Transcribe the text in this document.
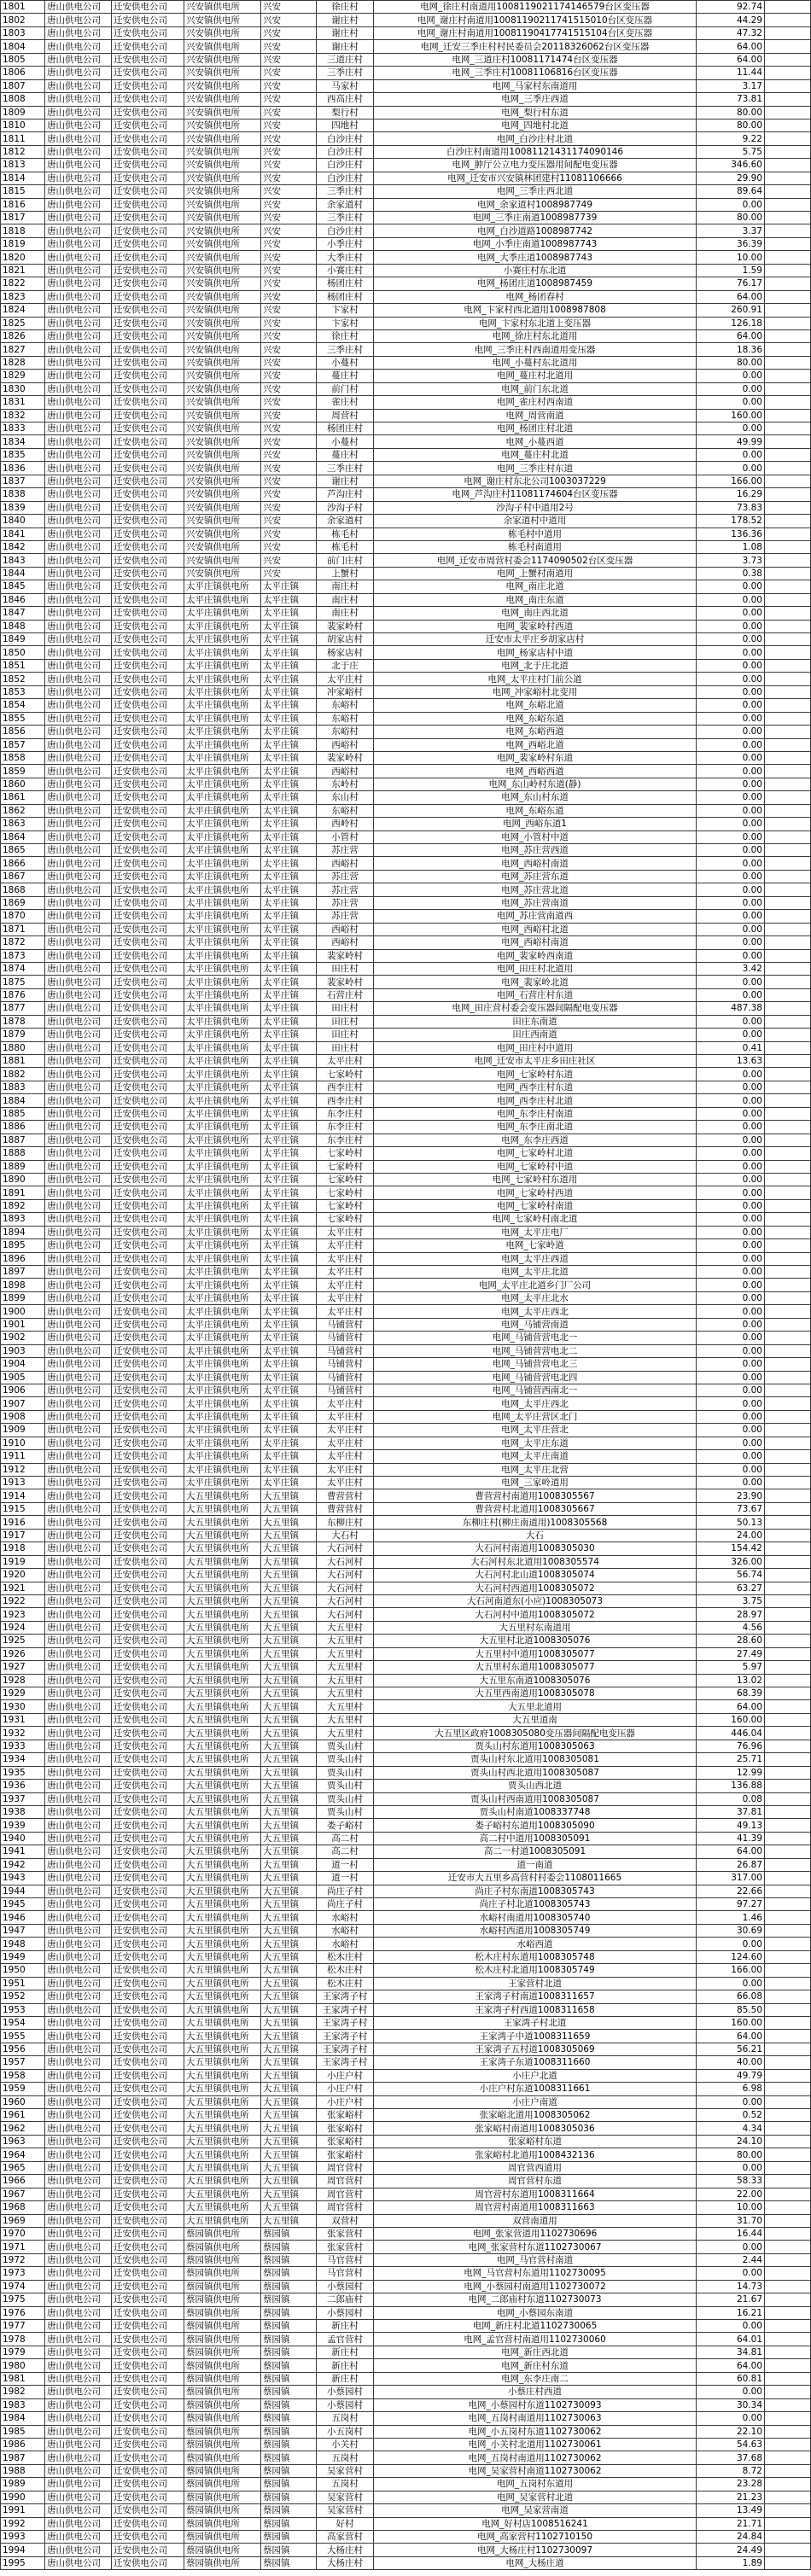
1801	唐山供电公司	迁安供电公司	兴安镇供电所	兴安	徐庄村	电网_徐庄村南道用1008119021174146579台区变压器	92.74	
1802	唐山供电公司	迁安供电公司	兴安镇供电所	兴安	谢庄村	电网_谢庄村南道用10081190211741515010台区变压器	44.29	
1803	唐山供电公司	迁安供电公司	兴安镇供电所	兴安	谢庄村	电网_谢庄村南道用10081190417741515104台区变压器	47.32	
1804	唐山供电公司	迁安供电公司	兴安镇供电所	兴安	谢庄村	电网_迁安三季庄村村民委员会20118326062台区变压器	64.00	
1805	唐山供电公司	迁安供电公司	兴安镇供电所	兴安	三道庄村	电网_三道庄村10081171474台区变压器	64.00	
1806	唐山供电公司	迁安供电公司	兴安镇供电所	兴安	三季庄村	电网_三季庄村10081106816台区变压器	11.44	
1807	唐山供电公司	迁安供电公司	兴安镇供电所	兴安	马家村	电网_马家村东南道用	3.17	
1808	唐山供电公司	迁安供电公司	兴安镇供电所	兴安	西高庄村	电网_三季庄西道	73.81	
1809	唐山供电公司	迁安供电公司	兴安镇供电所	兴安	梨行村	电网_梨行村东道	80.00	
1810	唐山供电公司	迁安供电公司	兴安镇供电所	兴安	四地村	电网_四地村北道	80.00	
1811	唐山供电公司	迁安供电公司	兴安镇供电所	兴安	白沙庄村	电网_白沙庄村北道	9.22	
1812	唐山供电公司	迁安供电公司	兴安镇供电所	兴安	白沙庄村	白沙庄村南道用10081121431174090146	5.75	
1813	唐山供电公司	迁安供电公司	兴安镇供电所	兴安	白沙庄村	电网_肿厅公立电力变压器用间配电变压器	346.60	
1814	唐山供电公司	迁安供电公司	兴安镇供电所	兴安	白沙庄村	电网_迁安市兴安镇林团建村11081106666	29.90	
1815	唐山供电公司	迁安供电公司	兴安镇供电所	兴安	三季庄村	电网_三季庄西北道	89.64	
1816	唐山供电公司	迁安供电公司	兴安镇供电所	兴安	余家道村	电网_余家道村1008987749	0.00	
1817	唐山供电公司	迁安供电公司	兴安镇供电所	兴安	三季庄村	电网_三季庄南道1008987739	80.00	
1818	唐山供电公司	迁安供电公司	兴安镇供电所	兴安	白沙庄村	电网_白沙道路1008987742	3.37	
1819	唐山供电公司	迁安供电公司	兴安镇供电所	兴安	小季庄村	电网_小季庄南道1008987743	36.39	
1820	唐山供电公司	迁安供电公司	兴安镇供电所	兴安	大季庄村	电网_大季庄道1008987743	10.00	
1821	唐山供电公司	迁安供电公司	兴安镇供电所	兴安	小赛庄村	小赛庄村东北道	1.59	
1822	唐山供电公司	迁安供电公司	兴安镇供电所	兴安	杨团庄村	电网_杨团庄道1008987459	76.17	
1823	唐山供电公司	迁安供电公司	兴安镇供电所	兴安	杨团庄村	电网_杨团春村	64.00	
1824	唐山供电公司	迁安供电公司	兴安镇供电所	兴安	卞家村	电网_卞家村西北道用1008987808	260.91	
1825	唐山供电公司	迁安供电公司	兴安镇供电所	兴安	卞家村	电网_卞家村东北道上变压器	126.18	
1826	唐山供电公司	迁安供电公司	兴安镇供电所	兴安	徐庄村	电网_徐庄村东北道用	64.00	
1827	唐山供电公司	迁安供电公司	兴安镇供电所	兴安	三季庄村	电网_三季庄村西南道用变压器	18.36	
1828	唐山供电公司	迁安供电公司	兴安镇供电所	兴安	小蔓村	电网_小蔓村东北道用	80.00	
1829	唐山供电公司	迁安供电公司	兴安镇供电所	兴安	蔓庄村	电网_蔓庄村北道用	0.00	
1830	唐山供电公司	迁安供电公司	兴安镇供电所	兴安	前门村	电网_前门东北道	0.00	
1831	唐山供电公司	迁安供电公司	兴安镇供电所	兴安	雀庄村	电网_雀庄村西南道	0.00	
1832	唐山供电公司	迁安供电公司	兴安镇供电所	兴安	周营村	电网_周营南道	160.00	
1833	唐山供电公司	迁安供电公司	兴安镇供电所	兴安	杨团庄村	电网_杨团庄村北道	0.00	
1834	唐山供电公司	迁安供电公司	兴安镇供电所	兴安	小蔓村	电网_小蔓西道	49.99	
1835	唐山供电公司	迁安供电公司	兴安镇供电所	兴安	蔓庄村	电网_蔓庄村北道	0.00	
1836	唐山供电公司	迁安供电公司	兴安镇供电所	兴安	三季庄村	电网_三季庄村东道	0.00	
1837	唐山供电公司	迁安供电公司	兴安镇供电所	兴安	谢庄村	电网_谢庄村东北公司1003037229	166.00	
1838	唐山供电公司	迁安供电公司	兴安镇供电所	兴安	芦沟庄村	电网_芦沟庄村11081174604台区变压器	16.29	
1839	唐山供电公司	迁安供电公司	兴安镇供电所	兴安	沙沟子村	沙沟子村中道用2号	73.83	
1840	唐山供电公司	迁安供电公司	兴安镇供电所	兴安	余家道村	余家道村中道用	178.52	
1841	唐山供电公司	迁安供电公司	兴安镇供电所	兴安	栋毛村	栋毛村中道用	136.36	
1842	唐山供电公司	迁安供电公司	兴安镇供电所	兴安	栋毛村	栋毛村南道用	1.08	
1843	唐山供电公司	迁安供电公司	兴安镇供电所	兴安	前门庄村	电网_迁安市周营村委会1174090502台区变压器	3.73	
1844	唐山供电公司	迁安供电公司	兴安镇供电所	兴安	上蟹村	电网_上蟹村南道用	0.38	
1845	唐山供电公司	迁安供电公司	太平庄镇供电所	太平庄镇	南庄村	电网_南庄北道	0.00	
1846	唐山供电公司	迁安供电公司	太平庄镇供电所	太平庄镇	南庄村	电网_南庄东道	0.00	
1847	唐山供电公司	迁安供电公司	太平庄镇供电所	太平庄镇	南庄村	电网_南庄西北道	0.00	
1848	唐山供电公司	迁安供电公司	太平庄镇供电所	太平庄镇	裴家岭村	电网_裴家岭村西道	0.00	
1849	唐山供电公司	迁安供电公司	太平庄镇供电所	太平庄镇	胡家店村	迁安市太平庄乡胡家店村	0.00	
1850	唐山供电公司	迁安供电公司	太平庄镇供电所	太平庄镇	杨家店村	电网_杨家店村中道	0.00	
1851	唐山供电公司	迁安供电公司	太平庄镇供电所	太平庄镇	北于庄	电网_北于庄北道	0.00	
1852	唐山供电公司	迁安供电公司	太平庄镇供电所	太平庄镇	太平庄村	电网_太平庄村门前公道	0.00	
1853	唐山供电公司	迁安供电公司	太平庄镇供电所	太平庄镇	冲家峪村	电网_冲家峪村北变用	0.00	
1854	唐山供电公司	迁安供电公司	太平庄镇供电所	太平庄镇	东峪村	电网_东峪北道	0.00	
1855	唐山供电公司	迁安供电公司	太平庄镇供电所	太平庄镇	东峪村	电网_东峪东道	0.00	
1856	唐山供电公司	迁安供电公司	太平庄镇供电所	太平庄镇	东峪村	电网_东峪西道	0.00	
1857	唐山供电公司	迁安供电公司	太平庄镇供电所	太平庄镇	西峪村	电网_西峪北道	0.00	
1858	唐山供电公司	迁安供电公司	太平庄镇供电所	太平庄镇	裴家岭村	电网_裴家岭村东道	0.00	
1859	唐山供电公司	迁安供电公司	太平庄镇供电所	太平庄镇	西峪村	电网_西峪西道	0.00	
1860	唐山供电公司	迁安供电公司	太平庄镇供电所	太平庄镇	东岭村	电网_东山岭村东道(静)	0.00	
1861	唐山供电公司	迁安供电公司	太平庄镇供电所	太平庄镇	东山村	电网_东山村东道	0.00	
1862	唐山供电公司	迁安供电公司	太平庄镇供电所	太平庄镇	东峪村	电网_东峪东道	0.00	
1863	唐山供电公司	迁安供电公司	太平庄镇供电所	太平庄镇	西岭村	电网_西峪东道1	0.00	
1864	唐山供电公司	迁安供电公司	太平庄镇供电所	太平庄镇	小管村	电网_小管村中道	0.00	
1865	唐山供电公司	迁安供电公司	太平庄镇供电所	太平庄镇	苏庄营	电网_苏庄营西道	0.00	
1866	唐山供电公司	迁安供电公司	太平庄镇供电所	太平庄镇	西峪村	电网_西峪村南道	0.00	
1867	唐山供电公司	迁安供电公司	太平庄镇供电所	太平庄镇	苏庄营	电网_苏庄营东道	0.00	
1868	唐山供电公司	迁安供电公司	太平庄镇供电所	太平庄镇	苏庄营	电网_苏庄营北道	0.00	
1869	唐山供电公司	迁安供电公司	太平庄镇供电所	太平庄镇	苏庄营	电网_苏庄营南道	0.00	
1870	唐山供电公司	迁安供电公司	太平庄镇供电所	太平庄镇	苏庄营	电网_苏庄营南道西	0.00	
1871	唐山供电公司	迁安供电公司	太平庄镇供电所	太平庄镇	西峪村	电网_西峪村北道	0.00	
1872	唐山供电公司	迁安供电公司	太平庄镇供电所	太平庄镇	西峪村	电网_西峪村南道	0.00	
1873	唐山供电公司	迁安供电公司	太平庄镇供电所	太平庄镇	裴家岭村	电网_裴家岭西南道	0.00	
1874	唐山供电公司	迁安供电公司	太平庄镇供电所	太平庄镇	田庄村	电网_田庄村北道用	3.42	
1875	唐山供电公司	迁安供电公司	太平庄镇供电所	太平庄镇	裴家岭村	电网_裴家岭北道	0.00	
1876	唐山供电公司	迁安供电公司	太平庄镇供电所	太平庄镇	石营庄村	电网_石营庄村东道	0.00	
1877	唐山供电公司	迁安供电公司	太平庄镇供电所	太平庄镇	田庄村	电网_田庄营村委会变压器间隔配电变压器	487.38	
1878	唐山供电公司	迁安供电公司	太平庄镇供电所	太平庄镇	田庄村	田庄东南道	0.00	
1879	唐山供电公司	迁安供电公司	太平庄镇供电所	太平庄镇	田庄村	田庄西南道	0.00	
1880	唐山供电公司	迁安供电公司	太平庄镇供电所	太平庄镇	田庄村	电网_田庄村中道用	0.41	
1881	唐山供电公司	迁安供电公司	太平庄镇供电所	太平庄镇	太平庄村	电网_迁安市太平庄乡田庄社区	13.63	
1882	唐山供电公司	迁安供电公司	太平庄镇供电所	太平庄镇	七家岭村	电网_七家岭村东道	0.00	
1883	唐山供电公司	迁安供电公司	太平庄镇供电所	太平庄镇	西李庄村	电网_西李庄村东道	0.00	
1884	唐山供电公司	迁安供电公司	太平庄镇供电所	太平庄镇	西李庄村	电网_西李庄村北道	0.00	
1885	唐山供电公司	迁安供电公司	太平庄镇供电所	太平庄镇	东李庄村	电网_东李庄村南道	0.00	
1886	唐山供电公司	迁安供电公司	太平庄镇供电所	太平庄镇	东李庄村	电网_东李庄南北道	0.00	
1887	唐山供电公司	迁安供电公司	太平庄镇供电所	太平庄镇	东李庄村	电网_东李庄西道	0.00	
1888	唐山供电公司	迁安供电公司	太平庄镇供电所	太平庄镇	七家岭村	电网_七家岭村北道	0.00	
1889	唐山供电公司	迁安供电公司	太平庄镇供电所	太平庄镇	七家岭村	电网_七家岭村中道	0.00	
1890	唐山供电公司	迁安供电公司	太平庄镇供电所	太平庄镇	七家岭村	电网_七家岭村东道用	0.00	
1891	唐山供电公司	迁安供电公司	太平庄镇供电所	太平庄镇	七家岭村	电网_七家岭村西道	0.00	
1892	唐山供电公司	迁安供电公司	太平庄镇供电所	太平庄镇	七家岭村	电网_七家岭村南道	0.00	
1893	唐山供电公司	迁安供电公司	太平庄镇供电所	太平庄镇	七家岭村	电网_七家岭村南北道	0.00	
1894	唐山供电公司	迁安供电公司	太平庄镇供电所	太平庄镇	太平庄村	电网_太平庄电厂	0.00	
1895	唐山供电公司	迁安供电公司	太平庄镇供电所	太平庄镇	太平庄村	电网_七家岭道	0.00	
1896	唐山供电公司	迁安供电公司	太平庄镇供电所	太平庄镇	太平庄村	电网_太平庄西道	0.00	
1897	唐山供电公司	迁安供电公司	太平庄镇供电所	太平庄镇	太平庄村	电网_太平庄北道	0.00	
1898	唐山供电公司	迁安供电公司	太平庄镇供电所	太平庄镇	太平庄村	电网_太平庄北道乡门厂公司	0.00	
1899	唐山供电公司	迁安供电公司	太平庄镇供电所	太平庄镇	太平庄村	电网_太平庄北水	0.00	
1900	唐山供电公司	迁安供电公司	太平庄镇供电所	太平庄镇	太平庄村	电网_太平庄西北	0.00	
1901	唐山供电公司	迁安供电公司	太平庄镇供电所	太平庄镇	马铺营村	电网_马铺营南道	0.00	
1902	唐山供电公司	迁安供电公司	太平庄镇供电所	太平庄镇	马铺营村	电网_马铺营营电北一	0.00	
1903	唐山供电公司	迁安供电公司	太平庄镇供电所	太平庄镇	马铺营村	电网_马铺营营电北二	0.00	
1904	唐山供电公司	迁安供电公司	太平庄镇供电所	太平庄镇	马铺营村	电网_马铺营营电北三	0.00	
1905	唐山供电公司	迁安供电公司	太平庄镇供电所	太平庄镇	马铺营村	电网_马铺营营电北四	0.00	
1906	唐山供电公司	迁安供电公司	太平庄镇供电所	太平庄镇	马铺营村	电网_马铺营西南北一	0.00	
1907	唐山供电公司	迁安供电公司	太平庄镇供电所	太平庄镇	太平庄村	电网_太平庄西北	0.00	
1908	唐山供电公司	迁安供电公司	太平庄镇供电所	太平庄镇	太平庄村	电网_太平庄营区北门	0.00	
1909	唐山供电公司	迁安供电公司	太平庄镇供电所	太平庄镇	太平庄村	电网_太平庄营北	0.00	
1910	唐山供电公司	迁安供电公司	太平庄镇供电所	太平庄镇	太平庄村	电网_太平庄东道	0.00	
1911	唐山供电公司	迁安供电公司	太平庄镇供电所	太平庄镇	太平庄村	电网_太平庄南道	0.00	
1912	唐山供电公司	迁安供电公司	太平庄镇供电所	太平庄镇	太平庄村	电网_太平庄北营	0.00	
1913	唐山供电公司	迁安供电公司	太平庄镇供电所	太平庄镇	太平庄村	电网_三家岭道用	0.00	
1914	唐山供电公司	迁安供电公司	大五里镇供电所	大五里镇	曹营营村	曹营营村南道用1008305567	23.90	
1915	唐山供电公司	迁安供电公司	大五里镇供电所	大五里镇	曹营营村	曹营营村北道用1008305667	73.67	
1916	唐山供电公司	迁安供电公司	大五里镇供电所	大五里镇	东柳庄村	东柳庄村(柳庄南道用)1008305568	50.13	
1917	唐山供电公司	迁安供电公司	大五里镇供电所	大五里镇	大石村	大石	24.00	
1918	唐山供电公司	迁安供电公司	大五里镇供电所	大五里镇	大石河村	大石河村南道用1008305030	154.42	
1919	唐山供电公司	迁安供电公司	大五里镇供电所	大五里镇	大石河村	大石河村东北道用1008305574	326.00	
1920	唐山供电公司	迁安供电公司	大五里镇供电所	大五里镇	大石河村	大石河村北山道1008305074	56.74	
1921	唐山供电公司	迁安供电公司	大五里镇供电所	大五里镇	大石河村	大石河村西道用1008305072	63.27	
1922	唐山供电公司	迁安供电公司	大五里镇供电所	大五里镇	大石河村	大石河南道东(小应)1008305073	3.75	
1923	唐山供电公司	迁安供电公司	大五里镇供电所	大五里镇	大石河村	大石河村中道用1008305072	28.97	
1924	唐山供电公司	迁安供电公司	大五里镇供电所	大五里镇	大五里村	大五里村东南道用	4.56	
1925	唐山供电公司	迁安供电公司	大五里镇供电所	大五里镇	大五里村	大五里村北道1008305076	28.60	
1926	唐山供电公司	迁安供电公司	大五里镇供电所	大五里镇	大五里村	大五里村中道用1008305077	27.49	
1927	唐山供电公司	迁安供电公司	大五里镇供电所	大五里镇	大五里村	大五里村东道用1008305077	5.97	
1928	唐山供电公司	迁安供电公司	大五里镇供电所	大五里镇	大五里村	大五里东南道1008305076	13.02	
1929	唐山供电公司	迁安供电公司	大五里镇供电所	大五里镇	大五里村	大五里西南道用1008305078	68.39	
1930	唐山供电公司	迁安供电公司	大五里镇供电所	大五里镇	大五里村	大五里北道用	64.00	
1931	唐山供电公司	迁安供电公司	大五里镇供电所	大五里镇	大五里村	大五里道南	160.00	
1932	唐山供电公司	迁安供电公司	大五里镇供电所	大五里镇	大五里村	大五里区政府1008305080变压器间隔配电变压器	446.04	
1933	唐山供电公司	迁安供电公司	大五里镇供电所	大五里镇	贾头山村	贾头山村东道用1008305063	76.96	
1934	唐山供电公司	迁安供电公司	大五里镇供电所	大五里镇	贾头山村	贾头山村东北道用1008305081	25.71	
1935	唐山供电公司	迁安供电公司	大五里镇供电所	大五里镇	贾头山村	贾头山村西北道用1008305087	12.99	
1936	唐山供电公司	迁安供电公司	大五里镇供电所	大五里镇	贾头山村	贾头山西北道	136.88	
1937	唐山供电公司	迁安供电公司	大五里镇供电所	大五里镇	贾头山村	贾头山村西南道用1008305087	0.08	
1938	唐山供电公司	迁安供电公司	大五里镇供电所	大五里镇	贾头山村	贾头山村南道1008337748	37.81	
1939	唐山供电公司	迁安供电公司	大五里镇供电所	大五里镇	娄子峪村	娄子峪村东道用1008305090	49.13	
1940	唐山供电公司	迁安供电公司	大五里镇供电所	大五里镇	高二村	高二村中道用1008305091	41.39	
1941	唐山供电公司	迁安供电公司	大五里镇供电所	大五里镇	高二村	高二一村道1008305091	64.00	
1942	唐山供电公司	迁安供电公司	大五里镇供电所	大五里镇	道一村	道一南道	26.87	
1943	唐山供电公司	迁安供电公司	大五里镇供电所	大五里镇	道一村	迁安市大五里乡高营村村委会1108011665	317.00	
1944	唐山供电公司	迁安供电公司	大五里镇供电所	大五里镇	尚庄子村	尚庄子村东南道1008305743	22.66	
1945	唐山供电公司	迁安供电公司	大五里镇供电所	大五里镇	尚庄子村	尚庄子村北道1008305743	97.27	
1946	唐山供电公司	迁安供电公司	大五里镇供电所	大五里镇	水峪村	水峪村南道用1008305740	1.46	
1947	唐山供电公司	迁安供电公司	大五里镇供电所	大五里镇	水峪村	水峪村西道用1008305749	30.69	
1948	唐山供电公司	迁安供电公司	大五里镇供电所	大五里镇	水峪村	水峪西道	0.00	
1949	唐山供电公司	迁安供电公司	大五里镇供电所	大五里镇	松木庄村	松木庄村东道用1008305748	124.60	
1950	唐山供电公司	迁安供电公司	大五里镇供电所	大五里镇	松木庄村	松木庄村北道用1008305749	166.00	
1951	唐山供电公司	迁安供电公司	大五里镇供电所	大五里镇	松木庄村	王家营村北道	0.00	
1952	唐山供电公司	迁安供电公司	大五里镇供电所	大五里镇	王家湾子村	王家湾子村南道1008311657	66.08	
1953	唐山供电公司	迁安供电公司	大五里镇供电所	大五里镇	王家湾子村	王家湾子村西道1008311658	85.50	
1954	唐山供电公司	迁安供电公司	大五里镇供电所	大五里镇	王家湾子村	王家湾子村北道	160.00	
1955	唐山供电公司	迁安供电公司	大五里镇供电所	大五里镇	王家湾子村	王家湾子中道1008311659	64.00	
1956	唐山供电公司	迁安供电公司	大五里镇供电所	大五里镇	王家湾子村	王家湾子五村道1008305069	56.21	
1957	唐山供电公司	迁安供电公司	大五里镇供电所	大五里镇	王家湾子村	王家湾子东道1008311660	40.00	
1958	唐山供电公司	迁安供电公司	大五里镇供电所	大五里镇	小庄户村	小庄户北道	49.79	
1959	唐山供电公司	迁安供电公司	大五里镇供电所	大五里镇	小庄户村	小庄户村东道1008311661	6.98	
1960	唐山供电公司	迁安供电公司	大五里镇供电所	大五里镇	小庄户村	小庄户南道	0.00	
1961	唐山供电公司	迁安供电公司	大五里镇供电所	大五里镇	张家峪村	张家峪北道用1008305062	0.52	
1962	唐山供电公司	迁安供电公司	大五里镇供电所	大五里镇	张家峪村	张家峪村南道用1008305036	4.34	
1963	唐山供电公司	迁安供电公司	大五里镇供电所	大五里镇	张家峪村	张家峪村东道	24.10	
1964	唐山供电公司	迁安供电公司	大五里镇供电所	大五里镇	张家峪村	张家峪村北道用1008432136	80.00	
1965	唐山供电公司	迁安供电公司	大五里镇供电所	大五里镇	周官营村	周官营西道用	0.00	
1966	唐山供电公司	迁安供电公司	大五里镇供电所	大五里镇	周官营村	周官营村东道	58.33	
1967	唐山供电公司	迁安供电公司	大五里镇供电所	大五里镇	周官营村	周官营村东道用1008311664	22.00	
1968	唐山供电公司	迁安供电公司	大五里镇供电所	大五里镇	周官营村	周官营村南道用1008311663	10.00	
1969	唐山供电公司	迁安供电公司	大五里镇供电所	大五里镇	双营村	双营南道用	31.70	
1970	唐山供电公司	迁安供电公司	蔡园镇供电所	蔡园镇	张家营村	电网_张家营道用1102730696	16.44	
1971	唐山供电公司	迁安供电公司	蔡园镇供电所	蔡园镇	张家营村	电网_张家营村东道1102730067	0.00	
1972	唐山供电公司	迁安供电公司	蔡园镇供电所	蔡园镇	马官营村	电网_马官营村南道	2.44	
1973	唐山供电公司	迁安供电公司	蔡园镇供电所	蔡园镇	马官营村	电网_马官营村东道用1102730095	0.00	
1974	唐山供电公司	迁安供电公司	蔡园镇供电所	蔡园镇	小蔡园村	电网_小蔡园村南道用1102730072	14.73	
1975	唐山供电公司	迁安供电公司	蔡园镇供电所	蔡园镇	二郎庙村	电网_二郎庙村东道1102730073	21.67	
1976	唐山供电公司	迁安供电公司	蔡园镇供电所	蔡园镇	小蔡园村	电网_小蔡园东南道	16.21	
1977	唐山供电公司	迁安供电公司	蔡园镇供电所	蔡园镇	新庄村	电网_新庄村北道1102730065	0.00	
1978	唐山供电公司	迁安供电公司	蔡园镇供电所	蔡园镇	孟官营村	电网_孟官营村南道用1102730060	64.01	
1979	唐山供电公司	迁安供电公司	蔡园镇供电所	蔡园镇	新庄村	电网_新庄西北道	34.81	
1980	唐山供电公司	迁安供电公司	蔡园镇供电所	蔡园镇	新庄村	电网_新庄村东道	64.00	
1981	唐山供电公司	迁安供电公司	蔡园镇供电所	蔡园镇	新庄村	电网_东李庄南二	60.81	
1982	唐山供电公司	迁安供电公司	蔡园镇供电所	蔡园镇	小蔡园村	小蔡庄村西道	0.00	
1983	唐山供电公司	迁安供电公司	蔡园镇供电所	蔡园镇	小蔡园村	电网_小蔡园村东道1102730093	30.34	
1984	唐山供电公司	迁安供电公司	蔡园镇供电所	蔡园镇	五岗村	电网_五岗村南道用1102730063	0.00	
1985	唐山供电公司	迁安供电公司	蔡园镇供电所	蔡园镇	小五岗村	电网_小五岗村东道1102730062	22.10	
1986	唐山供电公司	迁安供电公司	蔡园镇供电所	蔡园镇	小关村	电网_小关村北道用1102730061	54.63	
1987	唐山供电公司	迁安供电公司	蔡园镇供电所	蔡园镇	五岗村	电网_五岗村南道用1102730062	37.68	
1988	唐山供电公司	迁安供电公司	蔡园镇供电所	蔡园镇	吴家营村	电网_吴家营村南道1102730062	8.72	
1989	唐山供电公司	迁安供电公司	蔡园镇供电所	蔡园镇	五岗村	电网_五岗村东道用	23.28	
1990	唐山供电公司	迁安供电公司	蔡园镇供电所	蔡园镇	吴家营村	电网_吴家营村北道	21.23	
1991	唐山供电公司	迁安供电公司	蔡园镇供电所	蔡园镇	吴家营村	电网_吴家营南道	13.49	
1992	唐山供电公司	迁安供电公司	蔡园镇供电所	蔡园镇	好村	电网_好村店1008516241	21.71	
1993	唐山供电公司	迁安供电公司	蔡园镇供电所	蔡园镇	高家营村	电网_高家营村1102710150	24.84	
1994	唐山供电公司	迁安供电公司	蔡园镇供电所	蔡园镇	大杨庄村	电网_大杨庄村1102730097	24.49	
1995	唐山供电公司	迁安供电公司	蔡园镇供电所	蔡园镇	大杨庄村	电网_大杨庄道	1.89	
